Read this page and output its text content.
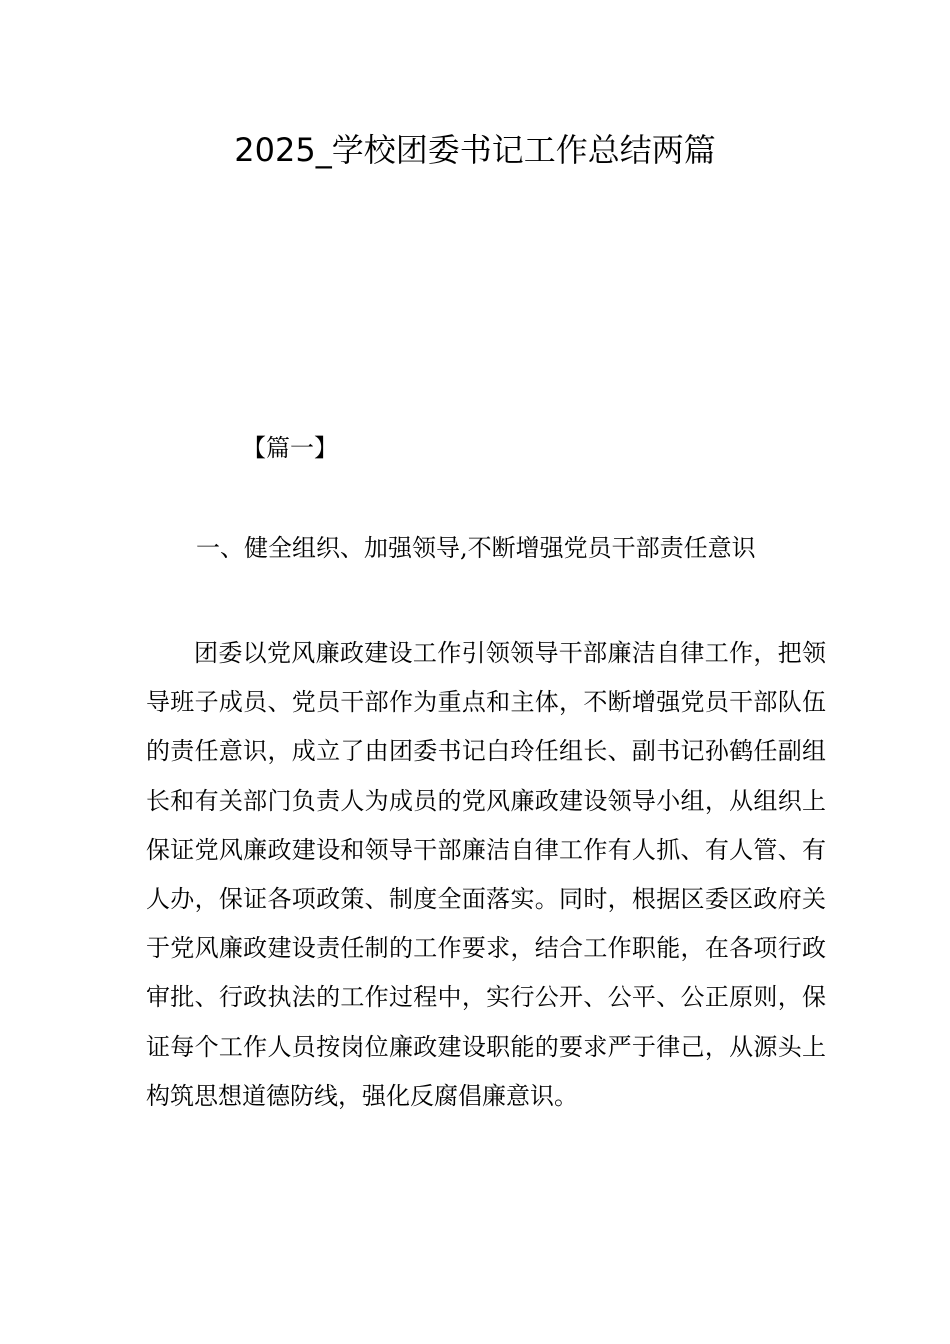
2025_学校团委书记工作总结两篇

【篇一】

一、健全组织、加强领导,不断增强党员干部责任意识

团委以党风廉政建设工作引领领导干部廉洁自律工作，把领导班子成员、党员干部作为重点和主体，不断增强党员干部队伍的责任意识，成立了由团委书记白玲任组长、副书记孙鹤任副组长和有关部门负责人为成员的党风廉政建设领导小组，从组织上保证党风廉政建设和领导干部廉洁自律工作有人抓、有人管、有人办，保证各项政策、制度全面落实。同时，根据区委区政府关于党风廉政建设责任制的工作要求，结合工作职能，在各项行政审批、行政执法的工作过程中，实行公开、公平、公正原则，保证每个工作人员按岗位廉政建设职能的要求严于律己，从源头上构筑思想道德防线，强化反腐倡廉意识。
